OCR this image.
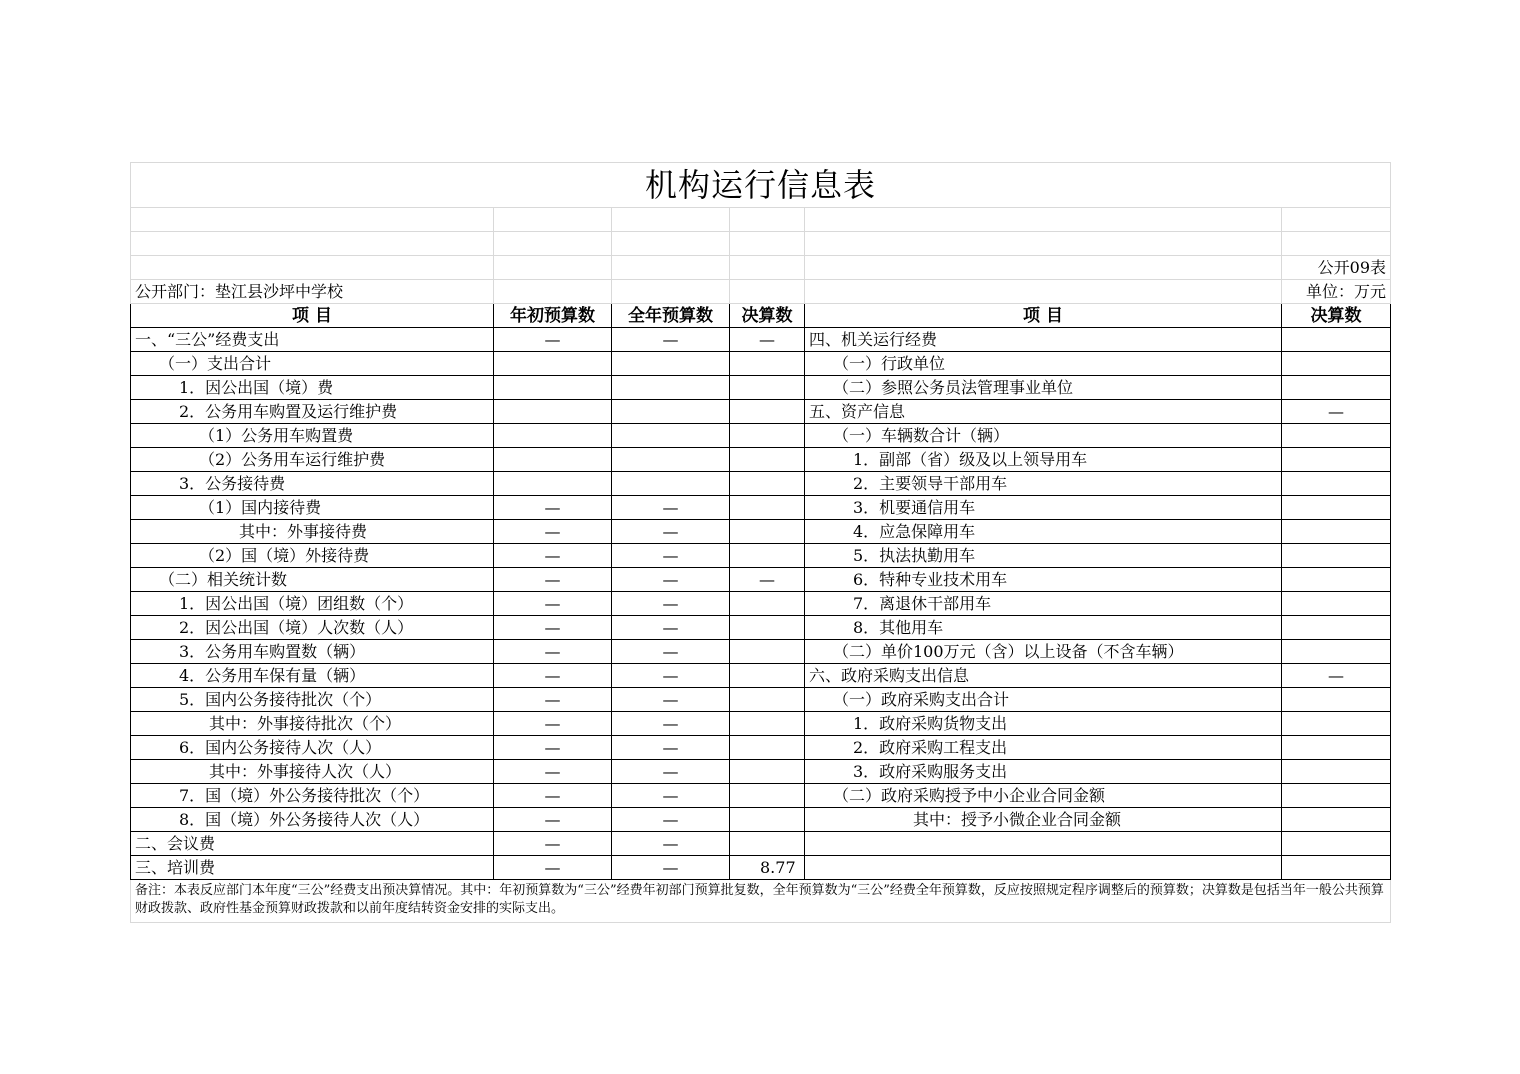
机构运行信息表					

					公开09表
公开部门：垫江县沙坪中学校					单位：万元
项 目	年初预算数	全年预算数	决算数	项 目	决算数
一、“三公”经费支出	—	—	—	四、机关运行经费	
（一）支出合计				（一）行政单位	
1．因公出国（境）费				（二）参照公务员法管理事业单位	
2．公务用车购置及运行维护费				五、资产信息	—
（1）公务用车购置费				（一）车辆数合计（辆）	
（2）公务用车运行维护费				1．副部（省）级及以上领导用车	
3．公务接待费				2．主要领导干部用车	
（1）国内接待费	—	—		3．机要通信用车	
其中：外事接待费	—	—		4．应急保障用车	
（2）国（境）外接待费	—	—		5．执法执勤用车	
（二）相关统计数	—	—	—	6．特种专业技术用车	
1．因公出国（境）团组数（个）	—	—		7．离退休干部用车	
2．因公出国（境）人次数（人）	—	—		8．其他用车	
3．公务用车购置数（辆）	—	—		（二）单价100万元（含）以上设备（不含车辆）	
4．公务用车保有量（辆）	—	—		六、政府采购支出信息	—
5．国内公务接待批次（个）	—	—		（一）政府采购支出合计	
其中：外事接待批次（个）	—	—		1．政府采购货物支出	
6．国内公务接待人次（人）	—	—		2．政府采购工程支出	
其中：外事接待人次（人）	—	—		3．政府采购服务支出	
7．国（境）外公务接待批次（个）	—	—		（二）政府采购授予中小企业合同金额	
8．国（境）外公务接待人次（人）	—	—		其中：授予小微企业合同金额	
二、会议费	—	—			
三、培训费	—	—	8.77		
备注：本表反应部门本年度“三公”经费支出预决算情况。其中：年初预算数为“三公”经费年初部门预算批复数，全年预算数为“三公”经费全年预算数，反应按照规定程序调整后的预算数；决算数是包括当年一般公共预算财政拨款、政府性基金预算财政拨款和以前年度结转资金安排的实际支出。					
